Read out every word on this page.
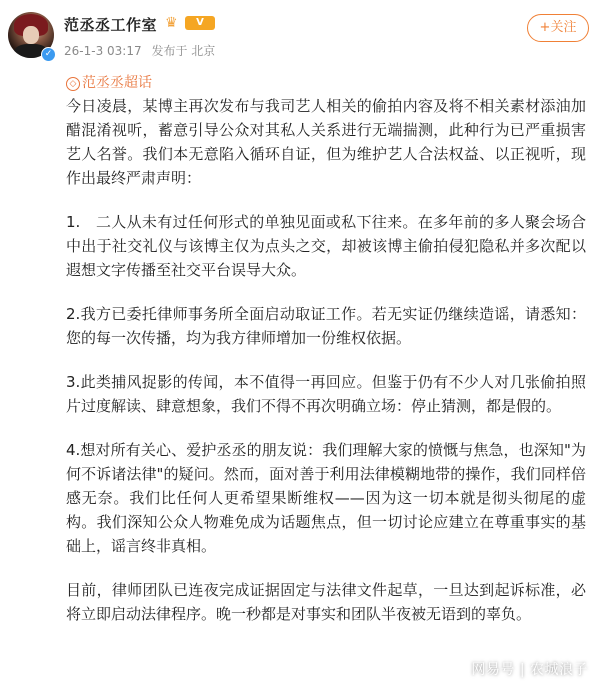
✓
范丞丞工作室 ♛	V
26-1-3 03:17 发布于 北京
+关注
◇ 范丞丞超话

今日凌晨，某博主再次发布与我司艺人相关的偷拍内容及将不相关素材添油加醋混淆视听，蓄意引导公众对其私人关系进行无端揣测，此种行为已严重损害艺人名誉。我们本无意陷入循环自证，但为维护艺人合法权益、以正视听，现作出最终严肃声明：

1.　二人从未有过任何形式的单独见面或私下往来。在多年前的多人聚会场合中出于社交礼仪与该博主仅为点头之交，却被该博主偷拍侵犯隐私并多次配以遐想文字传播至社交平台误导大众。

2.我方已委托律师事务所全面启动取证工作。若无实证仍继续造谣，请悉知：您的每一次传播，均为我方律师增加一份维权依据。

3.此类捕风捉影的传闻，本不值得一再回应。但鉴于仍有不少人对几张偷拍照片过度解读、肆意想象，我们不得不再次明确立场：停止猜测，都是假的。

4.想对所有关心、爱护丞丞的朋友说：我们理解大家的愤慨与焦急，也深知"为何不诉诸法律"的疑问。然而，面对善于利用法律模糊地带的操作，我们同样倍感无奈。我们比任何人更希望果断维权——因为这一切本就是彻头彻尾的虚构。我们深知公众人物难免成为话题焦点，但一切讨论应建立在尊重事实的基础上，谣言终非真相。

目前，律师团队已连夜完成证据固定与法律文件起草，一旦达到起诉标准，必将立即启动法律程序。晚一秒都是对事实和团队半夜被无语到的辜负。

网易号 | 农城浪子
